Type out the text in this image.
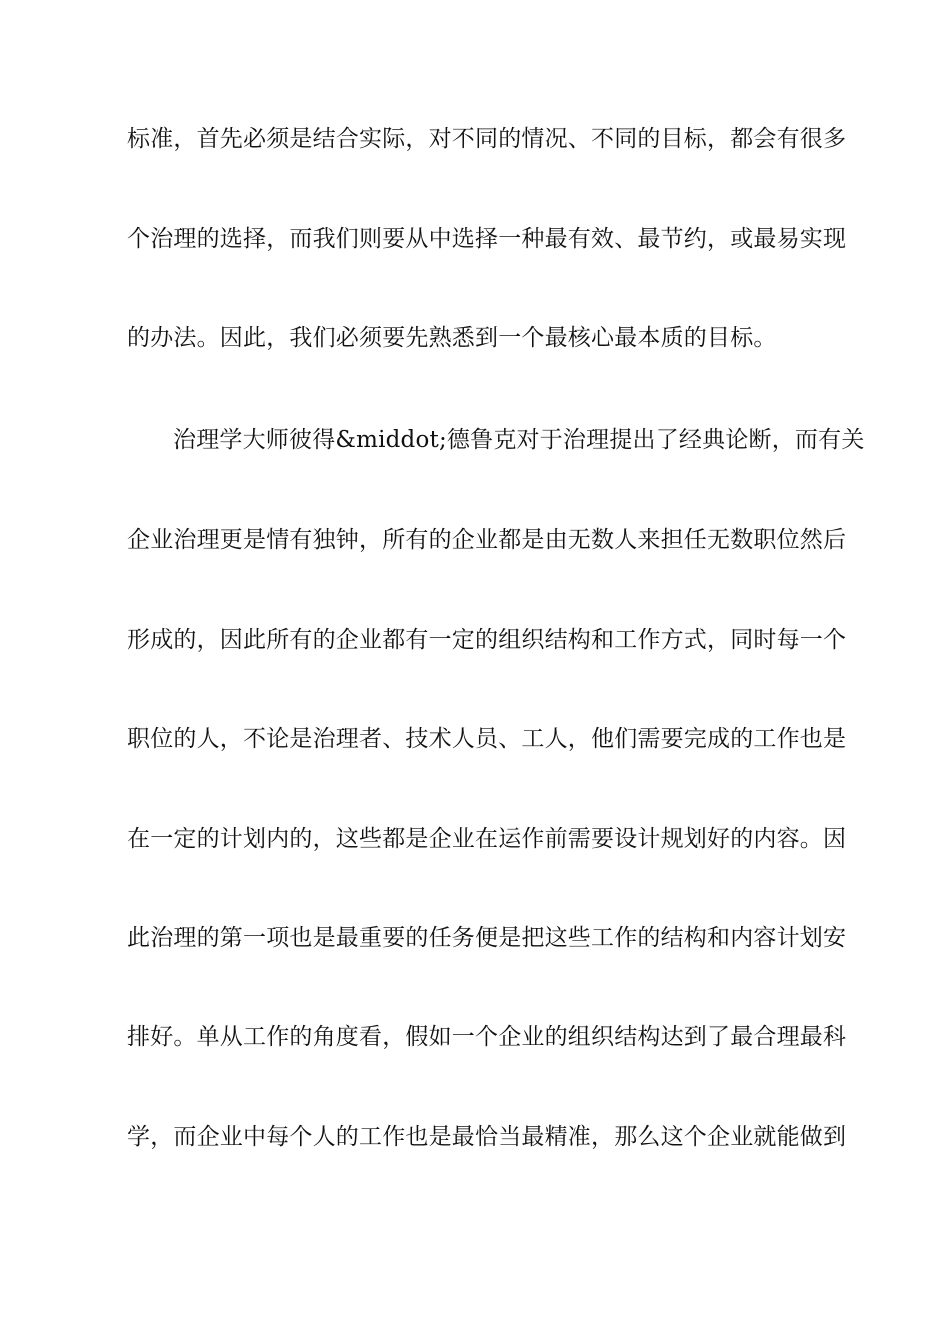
标准，首先必须是结合实际，对不同的情况、不同的目标，都会有很多
个治理的选择，而我们则要从中选择一种最有效、最节约，或最易实现
的办法。因此，我们必须要先熟悉到一个最核心最本质的目标。
治理学大师彼得&middot;德鲁克对于治理提出了经典论断，而有关
企业治理更是情有独钟，所有的企业都是由无数人来担任无数职位然后
形成的，因此所有的企业都有一定的组织结构和工作方式，同时每一个
职位的人，不论是治理者、技术人员、工人，他们需要完成的工作也是
在一定的计划内的，这些都是企业在运作前需要设计规划好的内容。因
此治理的第一项也是最重要的任务便是把这些工作的结构和内容计划安
排好。单从工作的角度看，假如一个企业的组织结构达到了最合理最科
学，而企业中每个人的工作也是最恰当最精准，那么这个企业就能做到
